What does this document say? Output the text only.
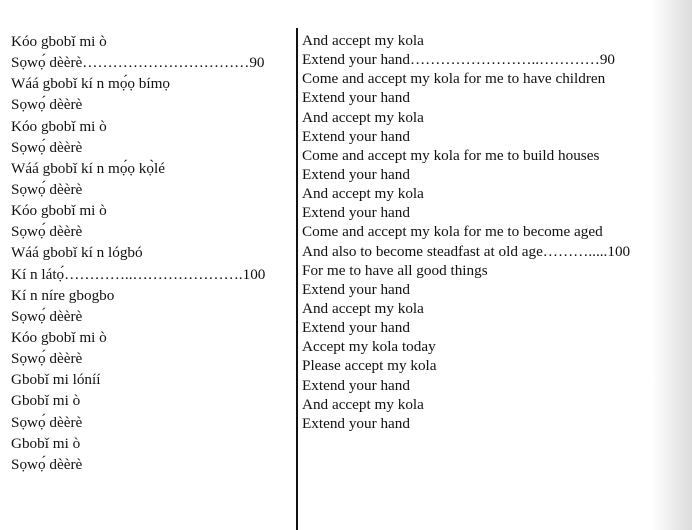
Kóo gbobǐ mi ò
Sọwọ́ dèèrè……………………………90
Wáá gbobǐ kí n mọ́ọ bímọ
Sọwọ́ dèèrè
Kóo gbobǐ mi ò
Sọwọ́ dèèrè
Wáá gbobǐ kí n mọ́ọ kọ̀lé
Sọwọ́ dèèrè
Kóo gbobǐ mi ò
Sọwọ́ dèèrè
Wáá gbobǐ kí n lógbó
Kí n látọ́…………..………………….100
Kí n níre gbogbo
Sọwọ́ dèèrè
Kóo gbobǐ mi ò
Sọwọ́ dèèrè
Gbobǐ mi lóníí
Gbobǐ mi ò
Sọwọ́ dèèrè
Gbobǐ mi ò
Sọwọ́ dèèrè
And accept my kola
Extend your hand……………………..…………90
Come and accept my kola for me to have children
Extend your hand
And accept my kola
Extend your hand
Come and accept my kola for me to build houses
Extend your hand
And accept my kola
Extend your hand
Come and accept my kola for me to become aged
And also to become steadfast at old age……….....100
For me to have all good things
Extend your hand
And accept my kola
Extend your hand
Accept my kola today
Please accept my kola
Extend your hand
And accept my kola
Extend your hand
